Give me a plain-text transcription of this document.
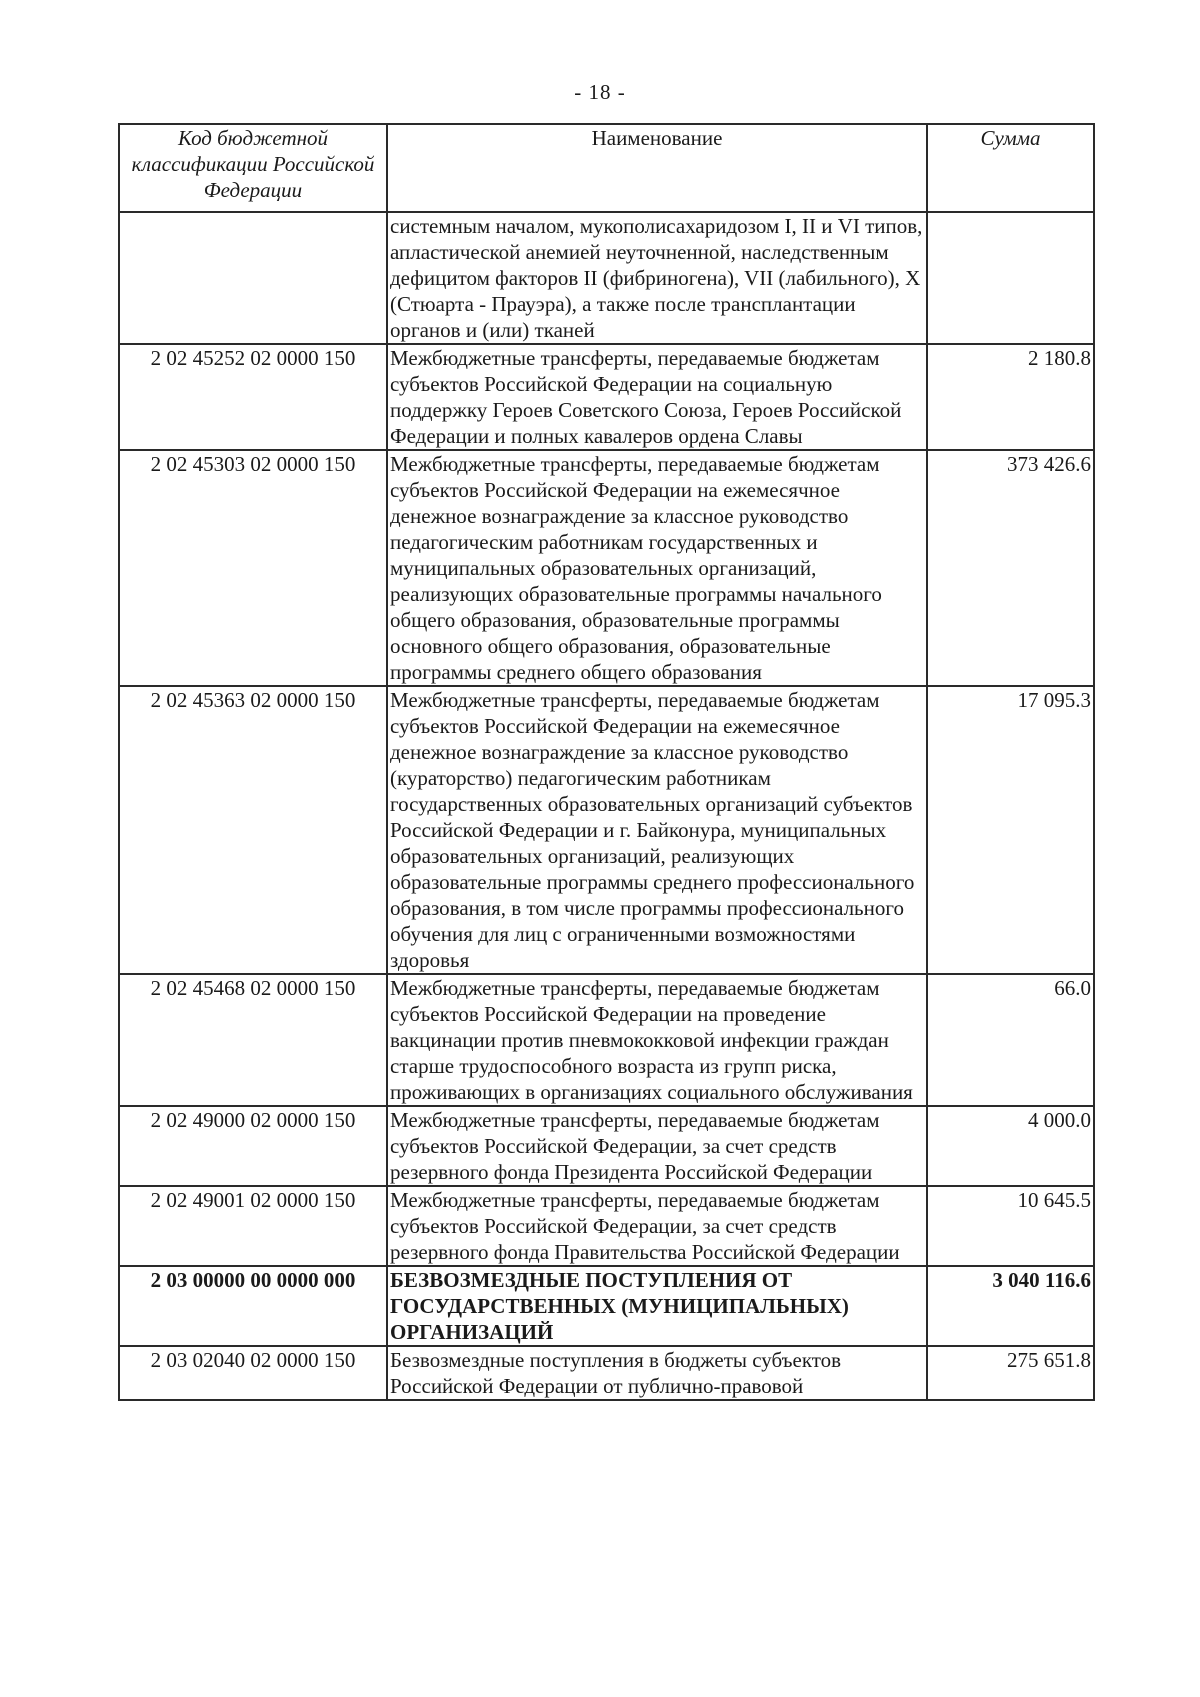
- 18 -
Код бюджетной классификации Российской Федерации	Наименование	Сумма
	системным началом, мукополисахаридозом I, II и VI типов, апластической анемией неуточненной, наследственным дефицитом факторов II (фибриногена), VII (лабильного), X (Стюарта - Прауэра), а также после трансплантации органов и (или) тканей	
2 02 45252 02 0000 150	Межбюджетные трансферты, передаваемые бюджетам субъектов Российской Федерации на социальную поддержку Героев Советского Союза, Героев Российской Федерации и полных кавалеров ордена Славы	2 180.8
2 02 45303 02 0000 150	Межбюджетные трансферты, передаваемые бюджетам субъектов Российской Федерации на ежемесячное денежное вознаграждение за классное руководство педагогическим работникам государственных и муниципальных образовательных организаций, реализующих образовательные программы начального общего образования, образовательные программы основного общего образования, образовательные программы среднего общего образования	373 426.6
2 02 45363 02 0000 150	Межбюджетные трансферты, передаваемые бюджетам субъектов Российской Федерации на ежемесячное денежное вознаграждение за классное руководство (кураторство) педагогическим работникам государственных образовательных организаций субъектов Российской Федерации и г. Байконура, муниципальных образовательных организаций, реализующих образовательные программы среднего профессионального образования, в том числе программы профессионального обучения для лиц с ограниченными возможностями здоровья	17 095.3
2 02 45468 02 0000 150	Межбюджетные трансферты, передаваемые бюджетам субъектов Российской Федерации на проведение вакцинации против пневмококковой инфекции граждан старше трудоспособного возраста из групп риска, проживающих в организациях социального обслуживания	66.0
2 02 49000 02 0000 150	Межбюджетные трансферты, передаваемые бюджетам субъектов Российской Федерации, за счет средств резервного фонда Президента Российской Федерации	4 000.0
2 02 49001 02 0000 150	Межбюджетные трансферты, передаваемые бюджетам субъектов Российской Федерации, за счет средств резервного фонда Правительства Российской Федерации	10 645.5
2 03 00000 00 0000 000	БЕЗВОЗМЕЗДНЫЕ ПОСТУПЛЕНИЯ ОТ ГОСУДАРСТВЕННЫХ (МУНИЦИПАЛЬНЫХ) ОРГАНИЗАЦИЙ	3 040 116.6
2 03 02040 02 0000 150	Безвозмездные поступления в бюджеты субъектов Российской Федерации от публично-правовой	275 651.8
